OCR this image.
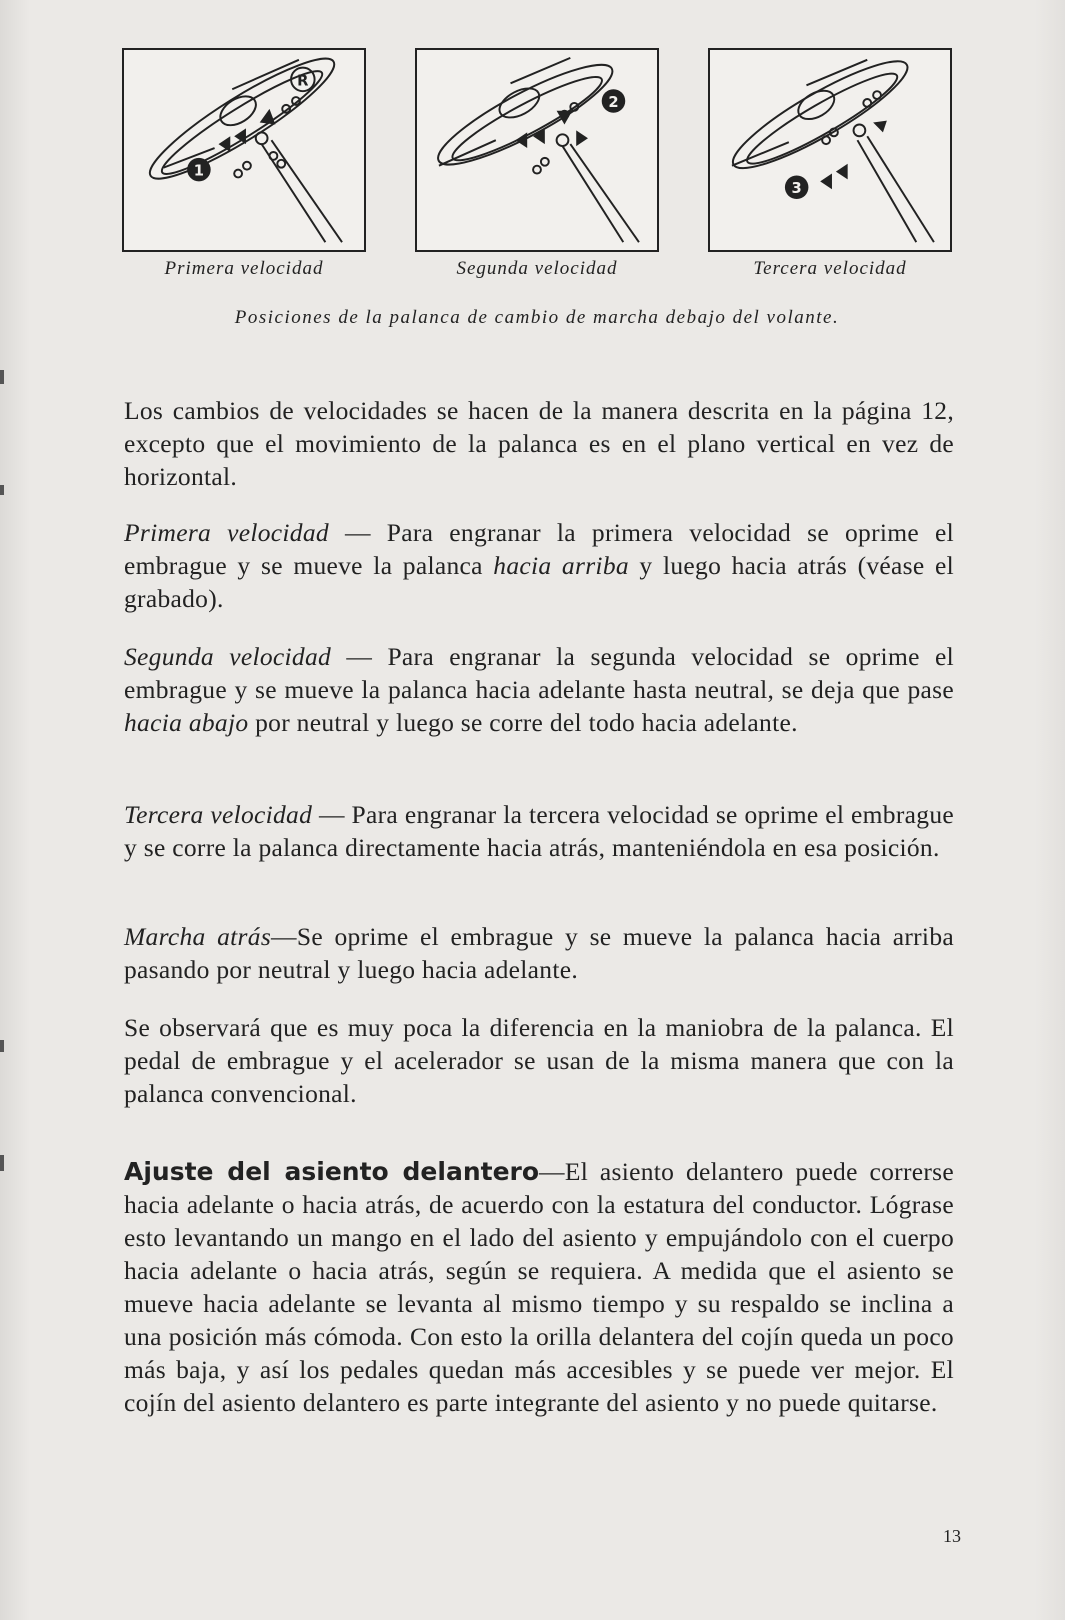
1
R
Primera velocidad
2
Segunda velocidad
3
Tercera velocidad
Posiciones de la palanca de cambio de marcha debajo del volante.

Los cambios de velocidades se hacen de la manera descrita en la página 12, excepto que el movimiento de la palanca es en el plano vertical en vez de horizontal.

Primera velocidad — Para engranar la primera velocidad se oprime el embrague y se mueve la palanca hacia arriba y luego hacia atrás (véase el grabado).

Segunda velocidad — Para engranar la segunda velocidad se oprime el embrague y se mueve la palanca hacia adelante hasta neutral, se deja que pase hacia abajo por neutral y luego se corre del todo hacia adelante.

Tercera velocidad — Para engranar la tercera velocidad se oprime el embrague y se corre la palanca directamente hacia atrás, manteniéndola en esa posición.

Marcha atrás—Se oprime el embrague y se mueve la palanca hacia arriba pasando por neutral y luego hacia adelante.

Se observará que es muy poca la diferencia en la maniobra de la palanca. El pedal de embrague y el acelerador se usan de la misma manera que con la palanca convencional.

Ajuste del asiento delantero—El asiento delantero puede correrse hacia adelante o hacia atrás, de acuerdo con la estatura del conductor. Lógrase esto levantando un mango en el lado del asiento y empujándolo con el cuerpo hacia adelante o hacia atrás, según se requiera. A medida que el asiento se mueve hacia adelante se levanta al mismo tiempo y su respaldo se inclina a una posición más cómoda. Con esto la orilla delantera del cojín queda un poco más baja, y así los pedales quedan más accesibles y se puede ver mejor. El cojín del asiento delantero es parte integrante del asiento y no puede quitarse.

13
